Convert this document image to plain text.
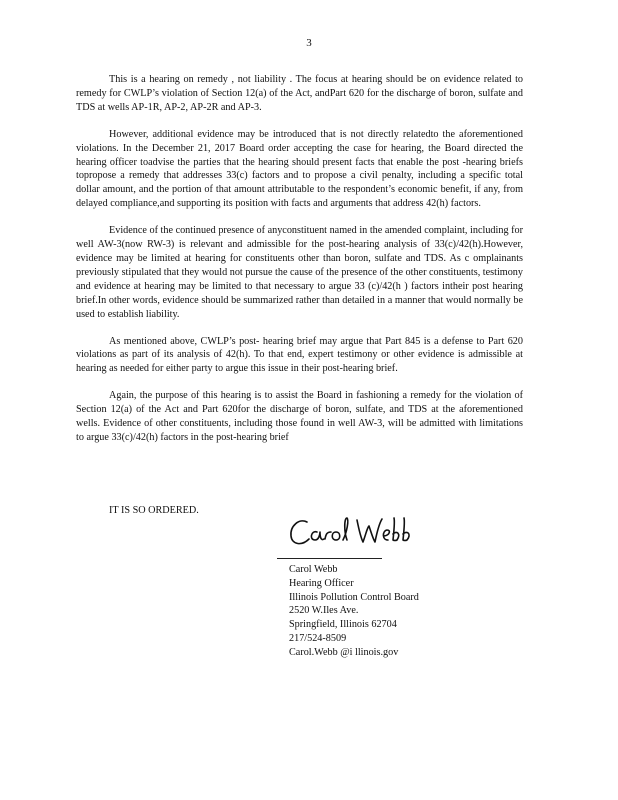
3

This is a hearing on remedy , not liability . The focus at hearing should be on evidence related to remedy for CWLP’s violation of Section 12(a) of the Act, andPart 620 for the discharge of boron, sulfate and TDS at wells AP-1R, AP-2, AP-2R and AP-3.

However, additional evidence may be introduced that is not directly relatedto the aforementioned violations. In the December 21, 2017 Board order accepting the case for hearing, the Board directed the hearing officer toadvise the parties that the hearing should present facts that enable the post -hearing briefs topropose a remedy that addresses 33(c) factors and to propose a civil penalty, including a specific total dollar amount, and the portion of that amount attributable to the respondent’s economic benefit, if any, from delayed compliance,and supporting its position with facts and arguments that address 42(h) factors.

Evidence of the continued presence of anyconstituent named in the amended complaint, including for well AW-3(now RW-3) is relevant and admissible for the post-hearing analysis of 33(c)/42(h).However, evidence may be limited at hearing for constituents other than boron, sulfate and TDS. As c omplainants previously stipulated that they would not pursue the cause of the presence of the other constituents, testimony and evidence at hearing may be limited to that necessary to argue 33 (c)/42(h ) factors intheir post hearing brief.In other words, evidence should be summarized rather than detailed in a manner that would normally be used to establish liability.

As mentioned above, CWLP’s post- hearing brief may argue that Part 845 is a defense to Part 620 violations as part of its analysis of 42(h). To that end, expert testimony or other evidence is admissible at hearing as needed for either party to argue this issue in their post-hearing brief.

Again, the purpose of this hearing is to assist the Board in fashioning a remedy for the violation of Section 12(a) of the Act and Part 620for the discharge of boron, sulfate, and TDS at the aforementioned wells. Evidence of other constituents, including those found in well AW-3, will be admitted with limitations to argue 33(c)/42(h) factors in the post-hearing brief

IT IS SO ORDERED.
Carol Webb
Carol Webb
Hearing Officer
Illinois Pollution Control Board
2520 W.Iles Ave.
Springfield, Illinois 62704
217/524-8509
Carol.Webb @i llinois.gov
